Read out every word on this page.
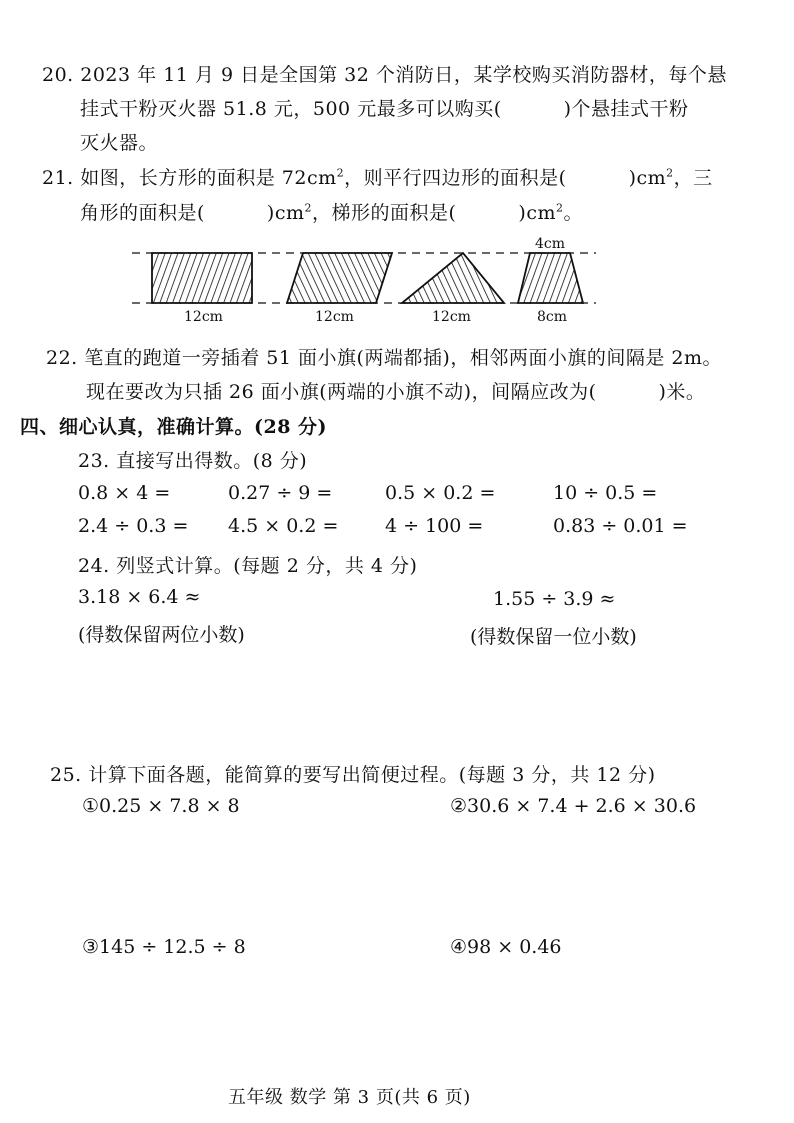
20. 2023 年 11 月 9 日是全国第 32 个消防日，某学校购买消防器材，每个悬
挂式干粉灭火器 51.8 元，500 元最多可以购买(	)个悬挂式干粉
灭火器。
21. 如图，长方形的面积是 $72cm^2$，则平行四边形的面积是(	)$cm^2$，三
角形的面积是(	)$cm^2$，梯形的面积是(	)$cm^2$。
4cm
12cm	12cm	12cm	8cm
22. 笔直的跑道一旁插着 51 面小旗(两端都插)，相邻两面小旗的间隔是 2m。
现在要改为只插 26 面小旗(两端的小旗不动)，间隔应改为(	)米。
四、细心认真，准确计算。(28 分)
23. 直接写出得数。(8 分)
0.8 × 4 =	0.27 ÷ 9 =	0.5 × 0.2 =	10 ÷ 0.5 =
2.4 ÷ 0.3 = 4.5 × 0.2 = 4 ÷ 100 =	0.83 ÷ 0.01 =
24. 列竖式计算。(每题 2 分，共 4 分)
3.18 × 6.4 ≈
(得数保留两位小数)
1.55 ÷ 3.9 ≈
(得数保留一位小数)
25. 计算下面各题，能简算的要写出简便过程。(每题 3 分，共 12 分)
①0.25 × 7.8 × 8	②30.6 × 7.4 + 2.6 × 30.6
③145 ÷ 12.5 ÷ 8	④98 × 0.46
五年级 数学 第 3 页(共 6 页)
